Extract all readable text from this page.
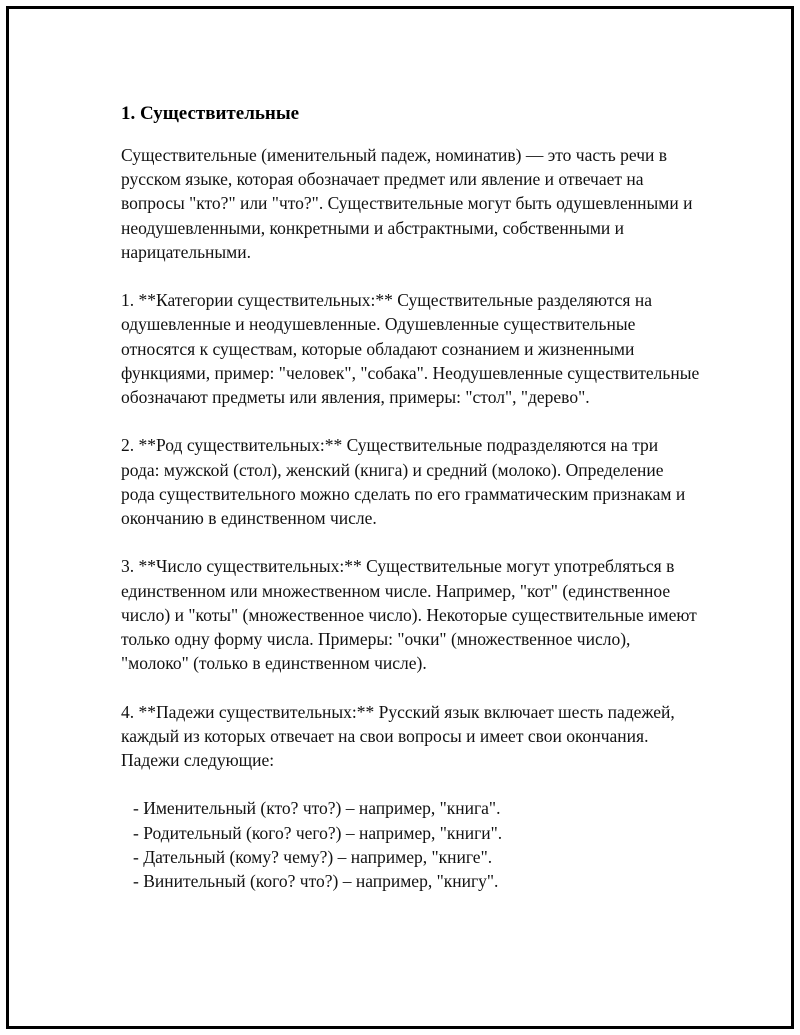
1. Существительные

Существительные (именительный падеж, номинатив) — это часть речи в русском языке, которая обозначает предмет или явление и отвечает на вопросы "кто?" или "что?". Существительные могут быть одушевленными и неодушевленными, конкретными и абстрактными, собственными и нарицательными.

1. **Категории существительных:** Существительные разделяются на одушевленные и неодушевленные. Одушевленные существительные относятся к существам, которые обладают сознанием и жизненными функциями, пример: "человек", "собака". Неодушевленные существительные обозначают предметы или явления, примеры: "стол", "дерево".

2. **Род существительных:** Существительные подразделяются на три рода: мужской (стол), женский (книга) и средний (молоко). Определение рода существительного можно сделать по его грамматическим признакам и окончанию в единственном числе.

3. **Число существительных:** Существительные могут употребляться в единственном или множественном числе. Например, "кот" (единственное число) и "коты" (множественное число). Некоторые существительные имеют только одну форму числа. Примеры: "очки" (множественное число), "молоко" (только в единственном числе).

4. **Падежи существительных:** Русский язык включает шесть падежей, каждый из которых отвечает на свои вопросы и имеет свои окончания. Падежи следующие:

- Именительный (кто? что?) – например, "книга".
- Родительный (кого? чего?) – например, "книги".
- Дательный (кому? чему?) – например, "книге".
- Винительный (кого? что?) – например, "книгу".
